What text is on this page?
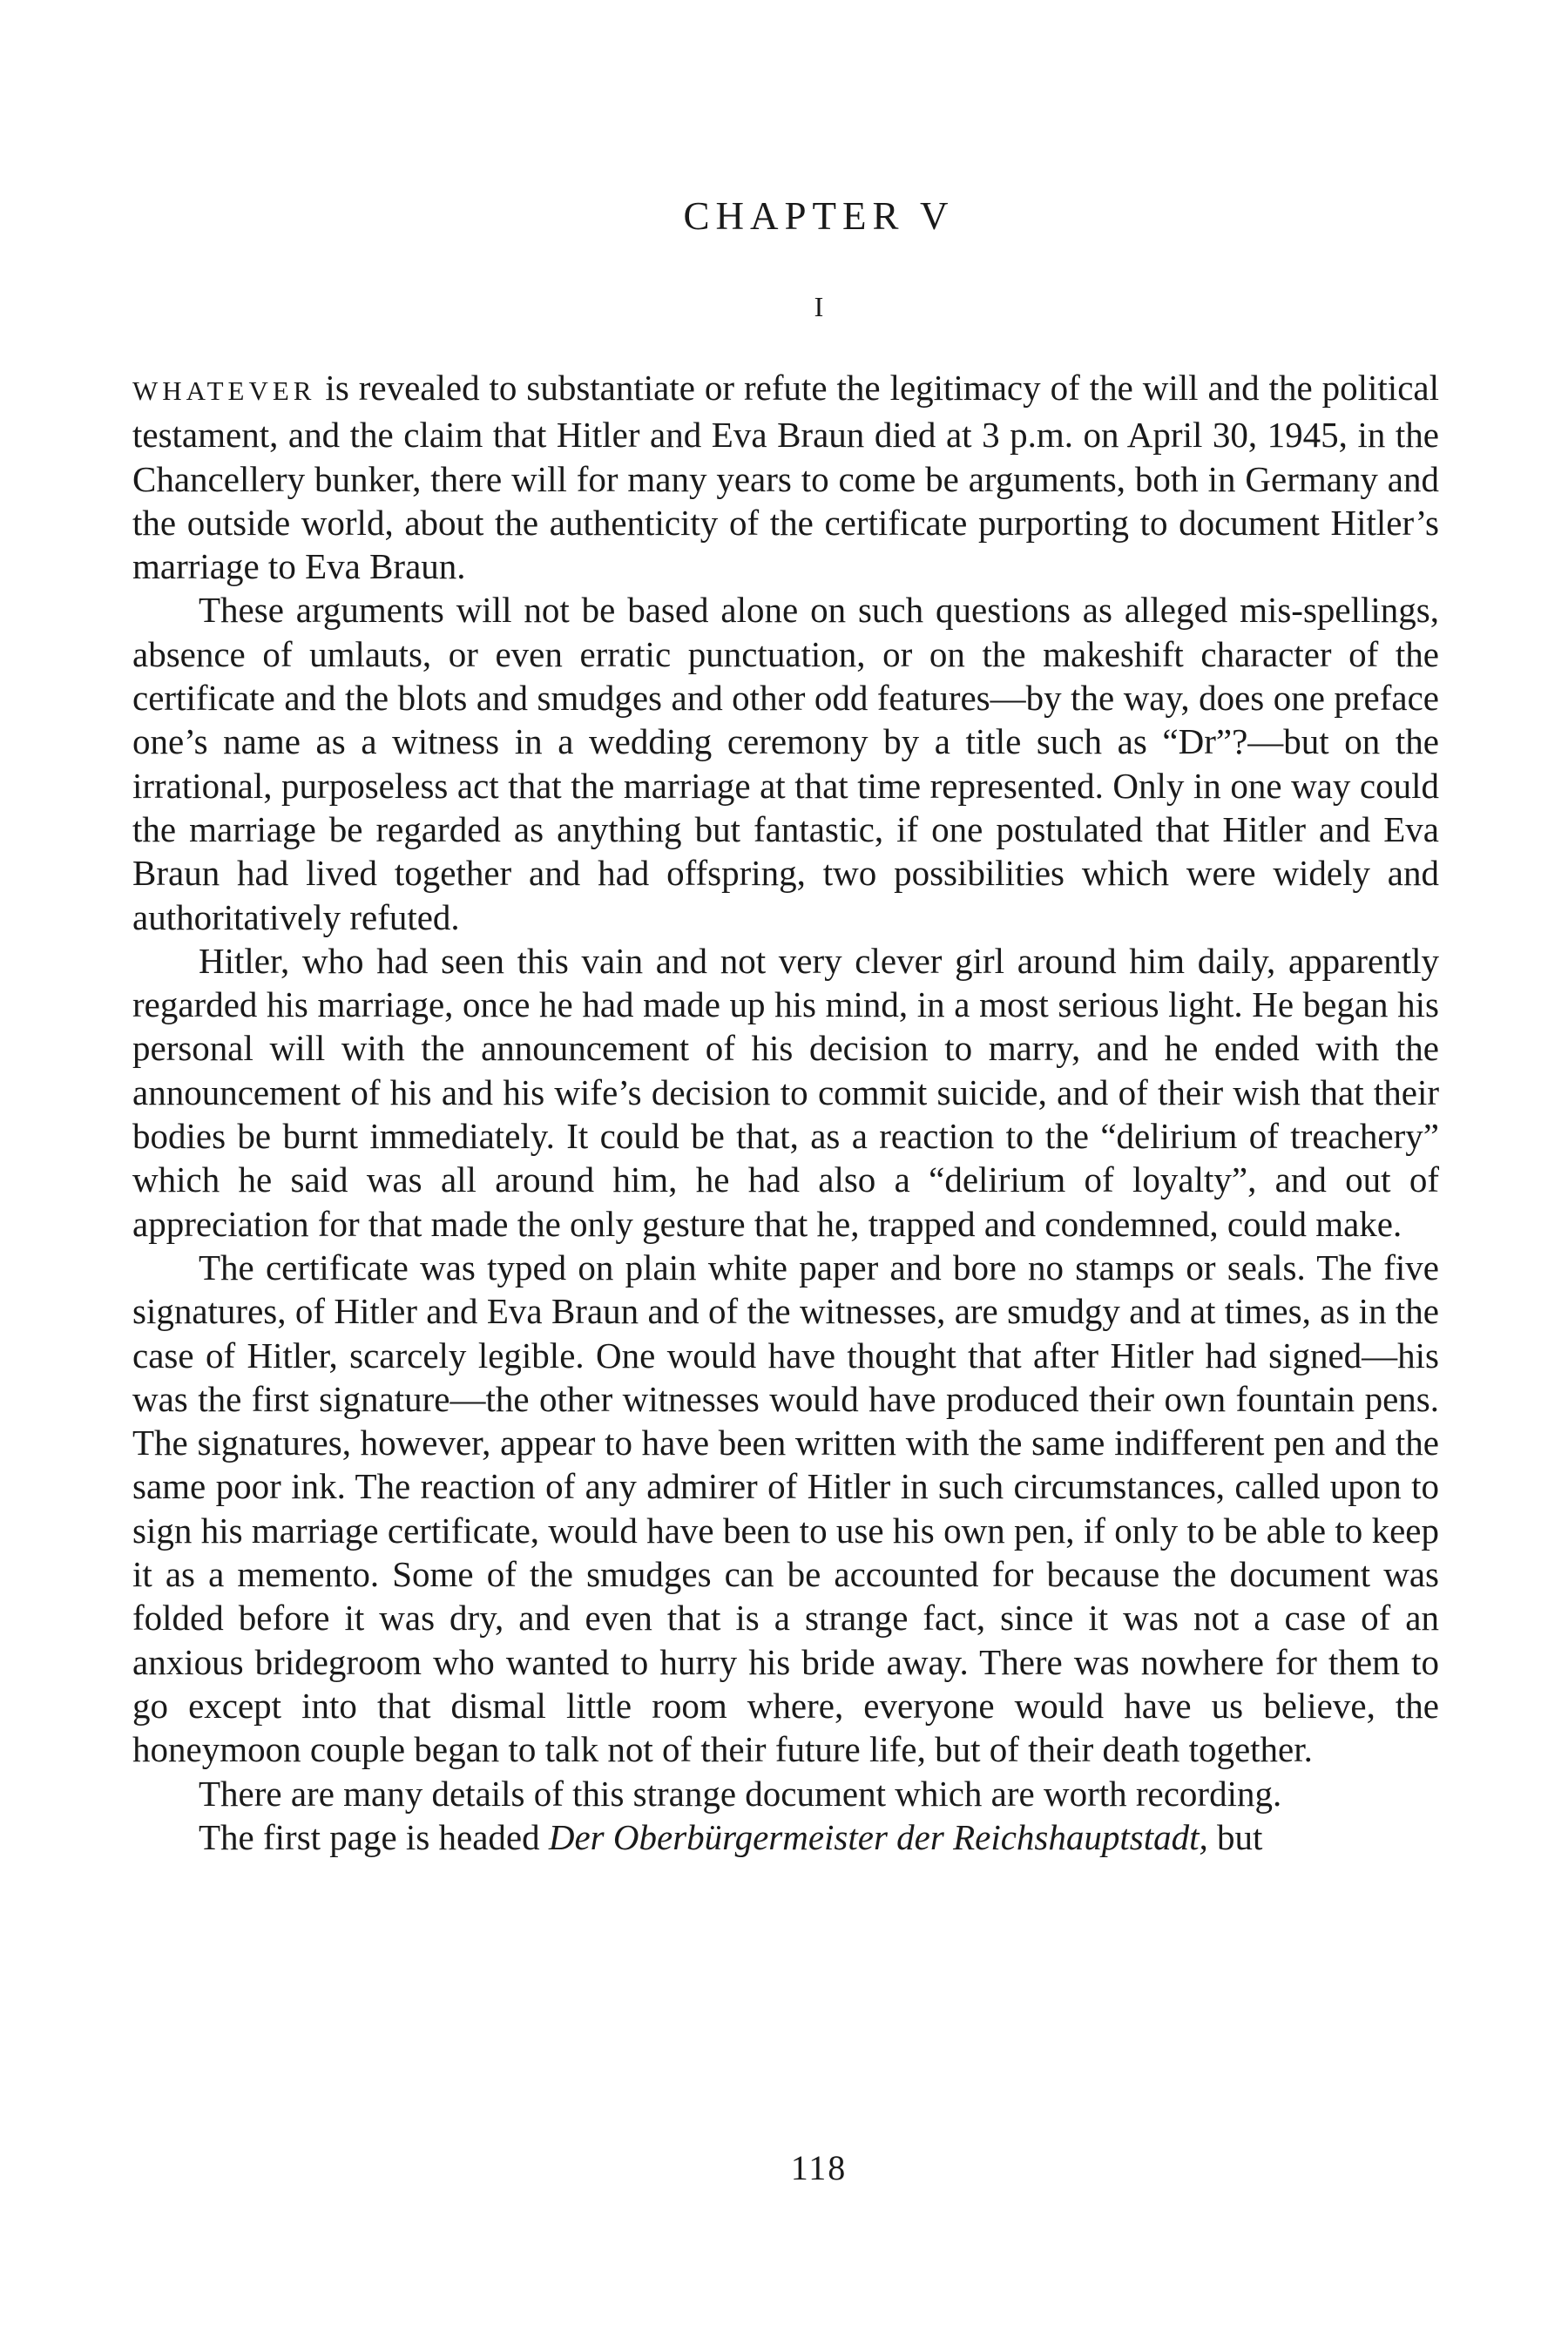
CHAPTER V
I

WHATEVER is revealed to substantiate or refute the legitimacy of the will and the political testament, and the claim that Hitler and Eva Braun died at 3 p.m. on April 30, 1945, in the Chancellery bunker, there will for many years to come be arguments, both in Germany and the outside world, about the authenticity of the certificate purporting to document Hitler’s marriage to Eva Braun.

These arguments will not be based alone on such questions as alleged mis-spellings, absence of umlauts, or even erratic punctuation, or on the makeshift character of the certificate and the blots and smudges and other odd features—by the way, does one preface one’s name as a witness in a wedding ceremony by a title such as “Dr”?—but on the irrational, purposeless act that the marriage at that time represented. Only in one way could the marriage be regarded as anything but fantastic, if one postulated that Hitler and Eva Braun had lived together and had offspring, two possibilities which were widely and authoritatively refuted.

Hitler, who had seen this vain and not very clever girl around him daily, apparently regarded his marriage, once he had made up his mind, in a most serious light. He began his personal will with the announcement of his decision to marry, and he ended with the announcement of his and his wife’s decision to commit suicide, and of their wish that their bodies be burnt immediately. It could be that, as a reaction to the “delirium of treachery” which he said was all around him, he had also a “delirium of loyalty”, and out of appreciation for that made the only gesture that he, trapped and condemned, could make.

The certificate was typed on plain white paper and bore no stamps or seals. The five signatures, of Hitler and Eva Braun and of the witnesses, are smudgy and at times, as in the case of Hitler, scarcely legible. One would have thought that after Hitler had signed—his was the first signature—the other witnesses would have produced their own fountain pens. The signatures, however, appear to have been written with the same indifferent pen and the same poor ink. The reaction of any admirer of Hitler in such circumstances, called upon to sign his marriage certificate, would have been to use his own pen, if only to be able to keep it as a memento. Some of the smudges can be accounted for because the document was folded before it was dry, and even that is a strange fact, since it was not a case of an anxious bridegroom who wanted to hurry his bride away. There was nowhere for them to go except into that dismal little room where, everyone would have us believe, the honeymoon couple began to talk not of their future life, but of their death together.

There are many details of this strange document which are worth recording.

The first page is headed Der Oberbürgermeister der Reichshauptstadt, but

118
